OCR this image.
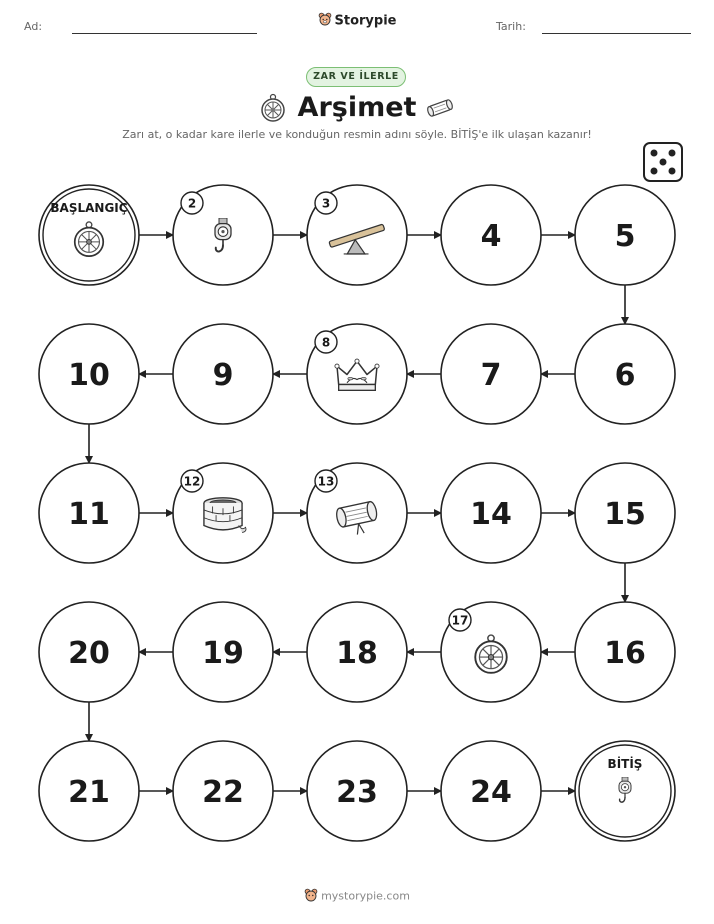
Ad:	Storypie	Tarih:
ZAR VE İLERLE
Arşimet
Zarı at, o kadar kare ilerle ve konduğun resmin adını söyle. BİTİŞ'e ilk ulaşan kazanır!
BAŞLANGIÇ	2	3
4	5
6
7
8
9
10
11
12	13
14	15
16
17
18
19
20
21	22	23	24
BİTİŞ
mystorypie.com
